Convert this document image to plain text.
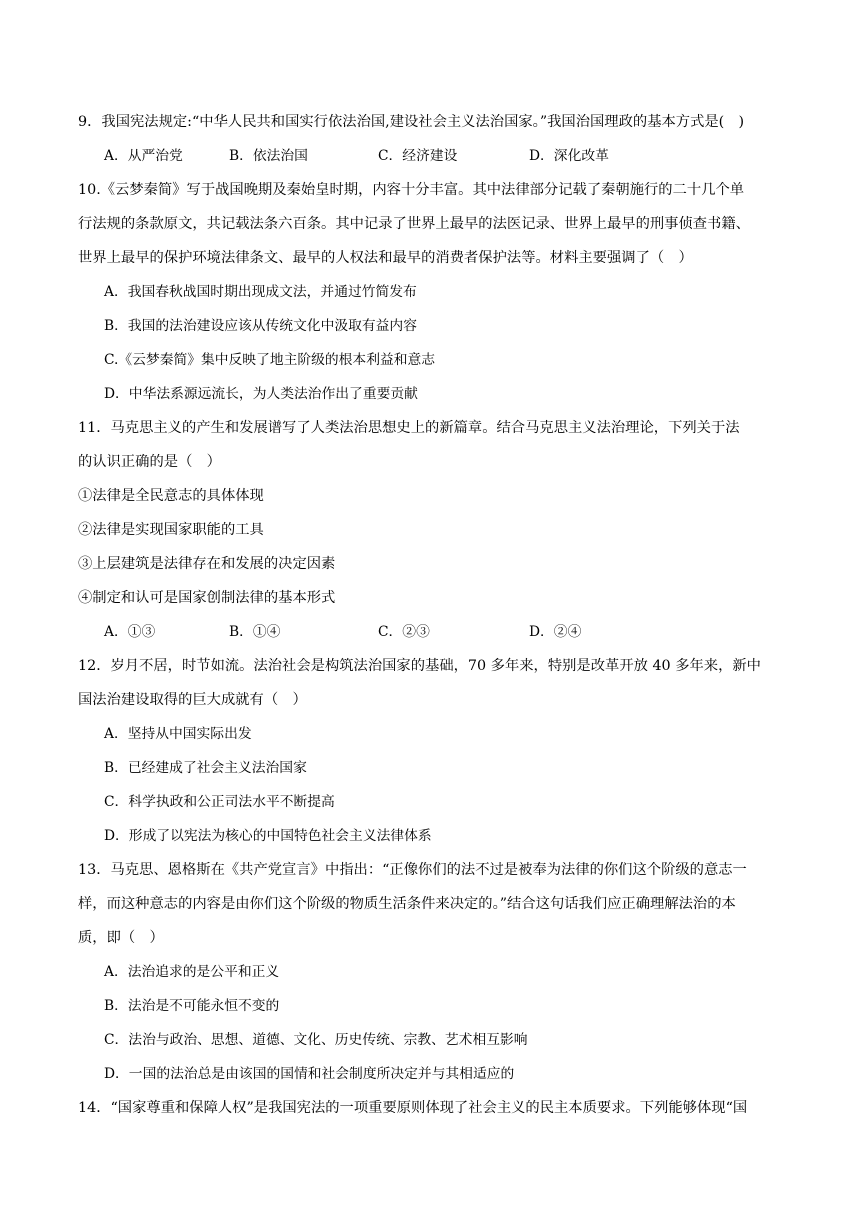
9．我国宪法规定:“中华人民共和国实行依法治国,建设社会主义法治国家。”我国治国理政的基本方式是(　)
A．从严治党	B．依法治国	C．经济建设	D．深化改革
10.《云梦秦简》写于战国晚期及秦始皇时期，内容十分丰富。其中法律部分记载了秦朝施行的二十几个单
行法规的条款原文，共记载法条六百条。其中记录了世界上最早的法医记录、世界上最早的刑事侦查书籍、
世界上最早的保护环境法律条文、最早的人权法和最早的消费者保护法等。材料主要强调了（　）
A．我国春秋战国时期出现成文法，并通过竹简发布
B．我国的法治建设应该从传统文化中汲取有益内容
C.《云梦秦简》集中反映了地主阶级的根本利益和意志
D．中华法系源远流长，为人类法治作出了重要贡献
11．马克思主义的产生和发展谱写了人类法治思想史上的新篇章。结合马克思主义法治理论，下列关于法
的认识正确的是（　）
①法律是全民意志的具体体现
②法律是实现国家职能的工具
③上层建筑是法律存在和发展的决定因素
④制定和认可是国家创制法律的基本形式
A．①③	B．①④	C．②③	D．②④
12．岁月不居，时节如流。法治社会是构筑法治国家的基础，70 多年来，特别是改革开放 40 多年来，新中
国法治建设取得的巨大成就有（　）
A．坚持从中国实际出发
B．已经建成了社会主义法治国家
C．科学执政和公正司法水平不断提高
D．形成了以宪法为核心的中国特色社会主义法律体系
13．马克思、恩格斯在《共产党宣言》中指出：“正像你们的法不过是被奉为法律的你们这个阶级的意志一
样，而这种意志的内容是由你们这个阶级的物质生活条件来决定的。”结合这句话我们应正确理解法治的本
质，即（　）
A．法治追求的是公平和正义
B．法治是不可能永恒不变的
C．法治与政治、思想、道德、文化、历史传统、宗教、艺术相互影响
D．一国的法治总是由该国的国情和社会制度所决定并与其相适应的
14．“国家尊重和保障人权”是我国宪法的一项重要原则体现了社会主义的民主本质要求。下列能够体现“国
